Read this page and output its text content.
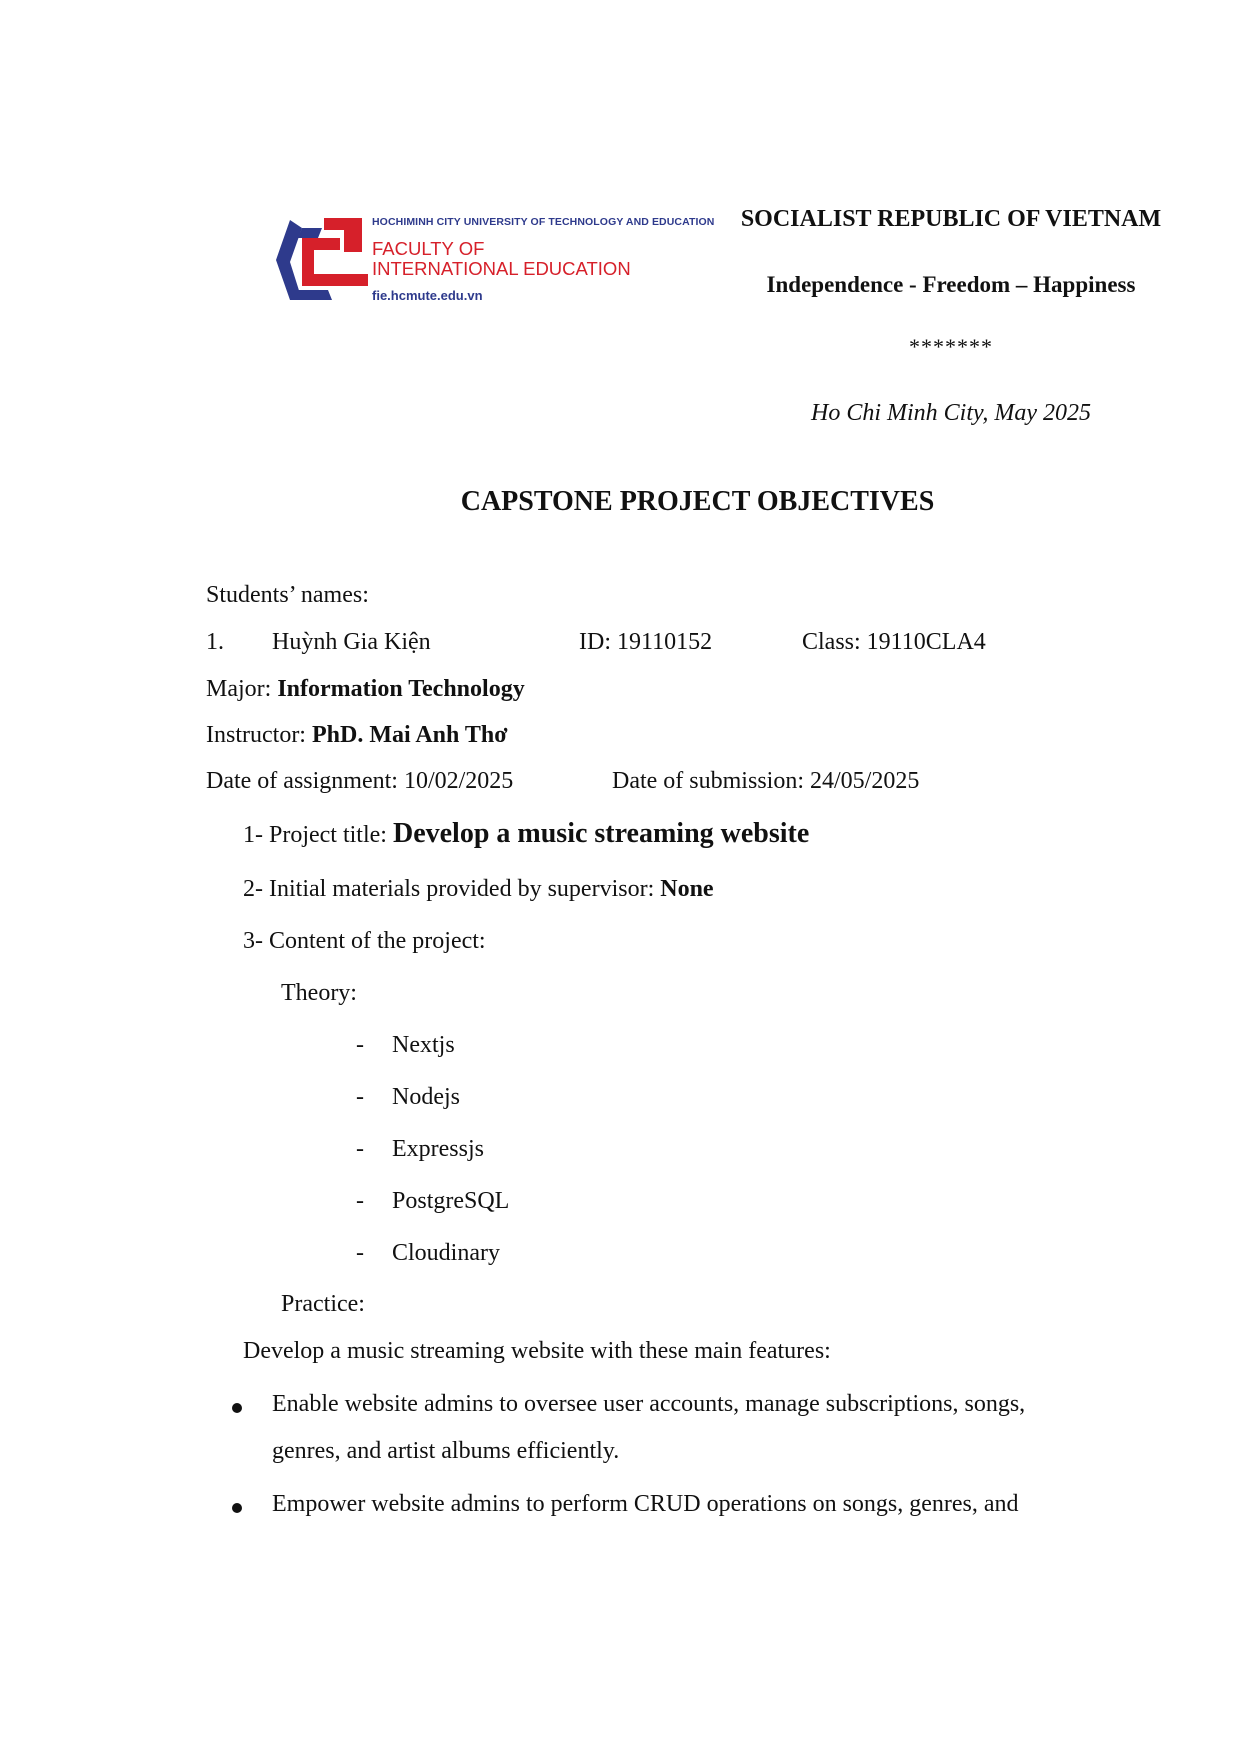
HOCHIMINH CITY UNIVERSITY OF TECHNOLOGY AND EDUCATION
FACULTY OF
INTERNATIONAL EDUCATION
fie.hcmute.edu.vn
SOCIALIST REPUBLIC OF VIETNAM
Independence - Freedom – Happiness
*******
Ho Chi Minh City, May 2025
CAPSTONE PROJECT OBJECTIVES
Students’ names:
1. Huỳnh Gia Kiện	ID: 19110152	Class: 19110CLA4
Major: Information Technology
Instructor: PhD. Mai Anh Thơ
Date of assignment: 10/02/2025	Date of submission: 24/05/2025
1- Project title: Develop a music streaming website
2- Initial materials provided by supervisor: None
3- Content of the project:
Theory:
- Nextjs
- Nodejs
- Expressjs
- PostgreSQL
- Cloudinary
Practice:
Develop a music streaming website with these main features:
Enable website admins to oversee user accounts, manage subscriptions, songs,
genres, and artist albums efficiently.
Empower website admins to perform CRUD operations on songs, genres, and
